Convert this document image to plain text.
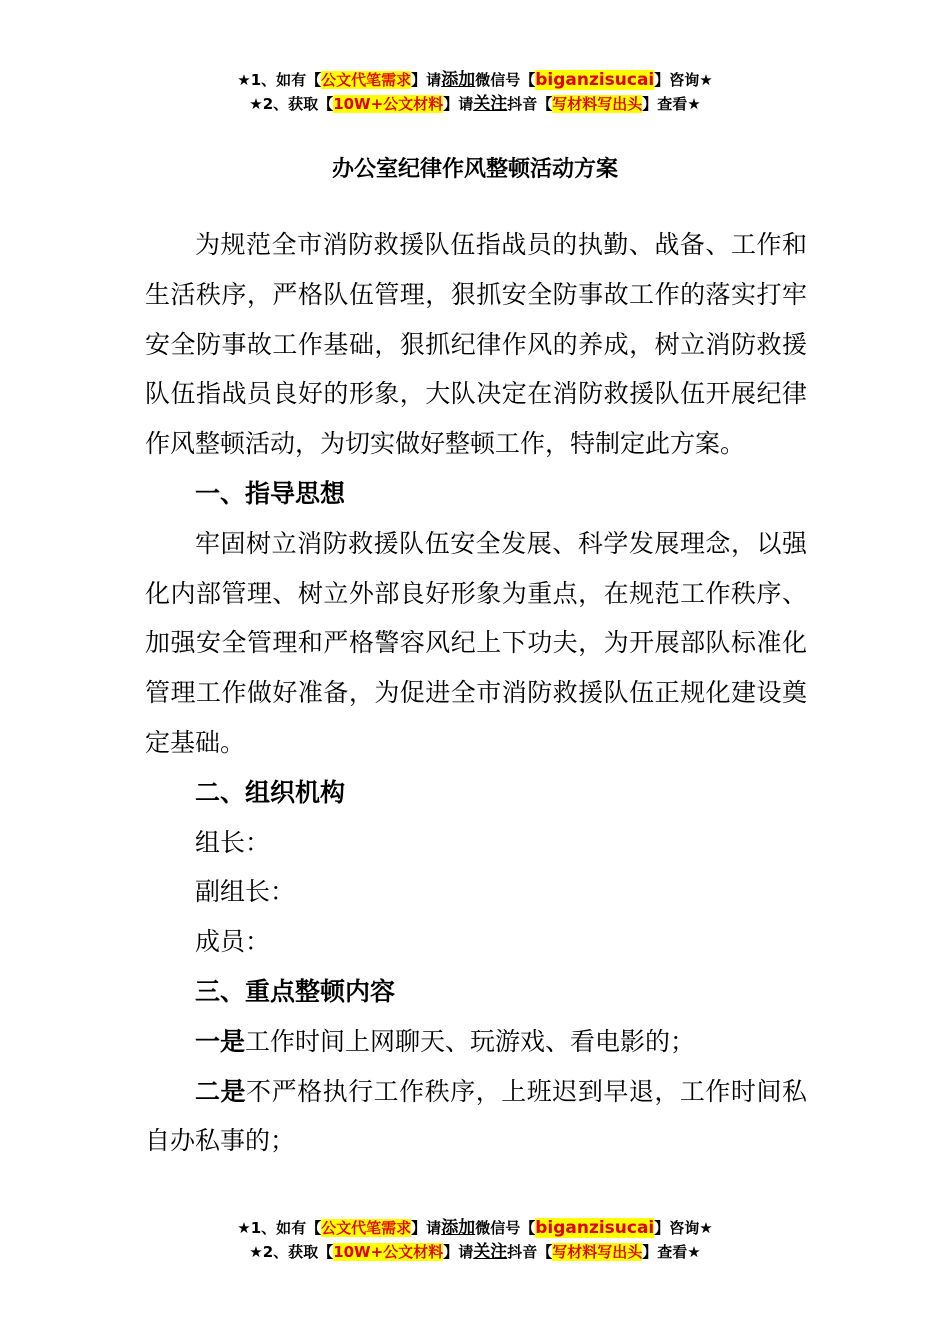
★1、如有【公文代笔需求】请添加微信号【biganzisucai】咨询★
★2、获取【10W+公文材料】请关注抖音【写材料写出头】查看★
办公室纪律作风整顿活动方案

为规范全市消防救援队伍指战员的执勤、战备、工作和生活秩序，严格队伍管理，狠抓安全防事故工作的落实打牢安全防事故工作基础，狠抓纪律作风的养成，树立消防救援队伍指战员良好的形象，大队决定在消防救援队伍开展纪律作风整顿活动，为切实做好整顿工作，特制定此方案。

一、指导思想

牢固树立消防救援队伍安全发展、科学发展理念，以强化内部管理、树立外部良好形象为重点，在规范工作秩序、加强安全管理和严格警容风纪上下功夫，为开展部队标准化管理工作做好准备，为促进全市消防救援队伍正规化建设奠定基础。

二、组织机构

组长：

副组长：

成员：

三、重点整顿内容

一是工作时间上网聊天、玩游戏、看电影的；

二是不严格执行工作秩序，上班迟到早退，工作时间私自办私事的；

★1、如有【公文代笔需求】请添加微信号【biganzisucai】咨询★
★2、获取【10W+公文材料】请关注抖音【写材料写出头】查看★
